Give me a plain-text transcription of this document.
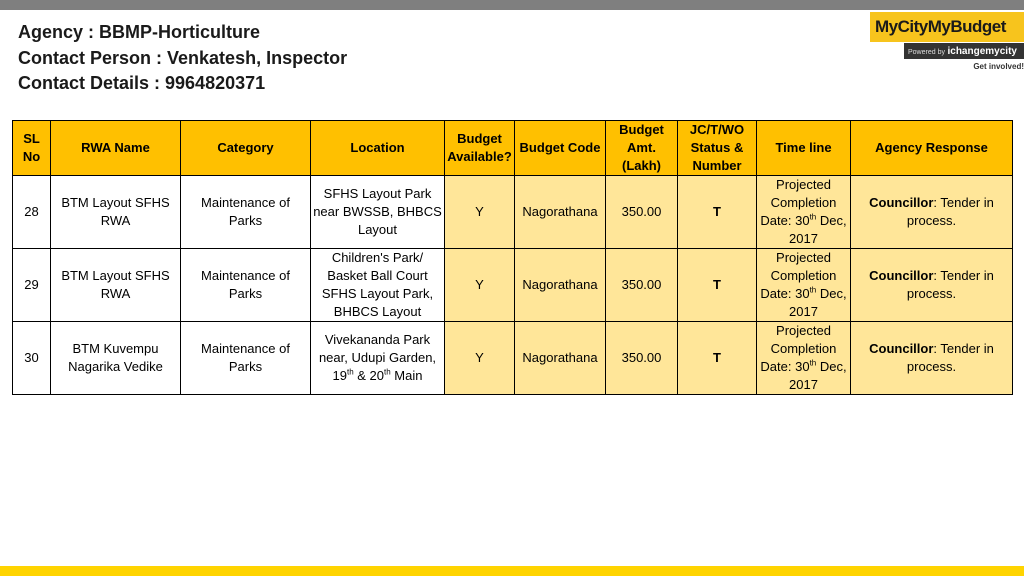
Agency : BBMP-Horticulture
Contact Person : Venkatesh, Inspector
Contact Details : 9964820371
MyCityMyBudget
Powered by ichangemycity
Get involved!
SL No	RWA Name	Category	Location	Budget Available?	Budget Code	Budget Amt. (Lakh)	JC/T/WO Status & Number	Time line	Agency Response
28	BTM Layout SFHS RWA	Maintenance of Parks	SFHS Layout Park near BWSSB, BHBCS Layout	Y	Nagorathana	350.00	T	Projected Completion Date: 30th Dec, 2017	Councillor: Tender in process.
29	BTM Layout SFHS RWA	Maintenance of Parks	Children's Park/ Basket Ball Court SFHS Layout Park, BHBCS Layout	Y	Nagorathana	350.00	T	Projected Completion Date: 30th Dec, 2017	Councillor: Tender in process.
30	BTM Kuvempu Nagarika Vedike	Maintenance of Parks	Vivekananda Park near, Udupi Garden, 19th & 20th Main	Y	Nagorathana	350.00	T	Projected Completion Date: 30th Dec, 2017	Councillor: Tender in process.
